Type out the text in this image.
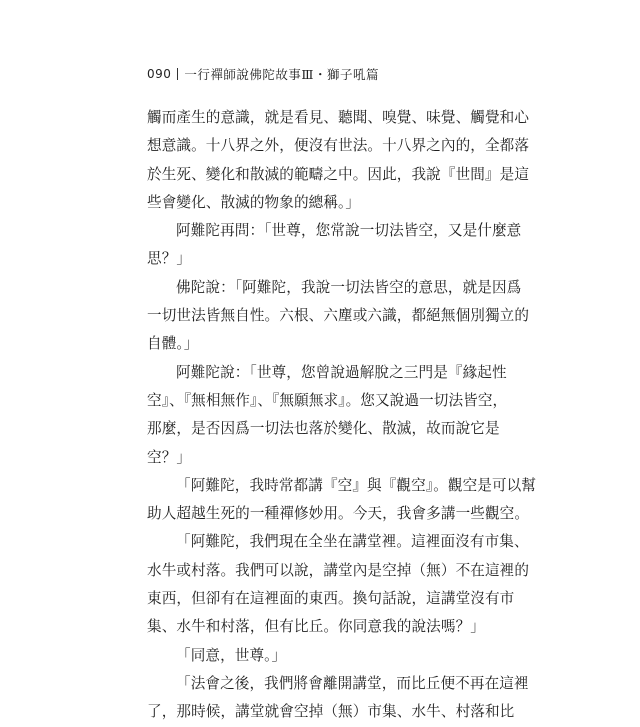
090 一行禪師說佛陀故事Ⅲ・獅子吼篇
觸而產生的意識，就是看見、聽聞、嗅覺、味覺、觸覺和心
想意識。十八界之外，便沒有世法。十八界之內的，全都落
於生死、變化和散滅的範疇之中。因此，我說『世間』是這
些會變化、散滅的物象的總稱。」
阿難陀再問：「世尊，您常說一切法皆空，又是什麼意
思？」
佛陀說：「阿難陀，我說一切法皆空的意思，就是因爲
一切世法皆無自性。六根、六塵或六識，都絕無個別獨立的
自體。」
阿難陀說：「世尊，您曾說過解脫之三門是『緣起性
空』、『無相無作』、『無願無求』。您又說過一切法皆空，
那麼，是否因爲一切法也落於變化、散滅，故而說它是
空？」
「阿難陀，我時常都講『空』與『觀空』。觀空是可以幫
助人超越生死的一種禪修妙用。今天，我會多講一些觀空。
「阿難陀，我們現在全坐在講堂裡。這裡面沒有市集、
水牛或村落。我們可以說，講堂內是空掉（無）不在這裡的
東西，但卻有在這裡面的東西。換句話說，這講堂沒有市
集、水牛和村落，但有比丘。你同意我的說法嗎？」
「同意，世尊。」
「法會之後，我們將會離開講堂，而比丘便不再在這裡
了，那時候，講堂就會空掉（無）市集、水牛、村落和比
